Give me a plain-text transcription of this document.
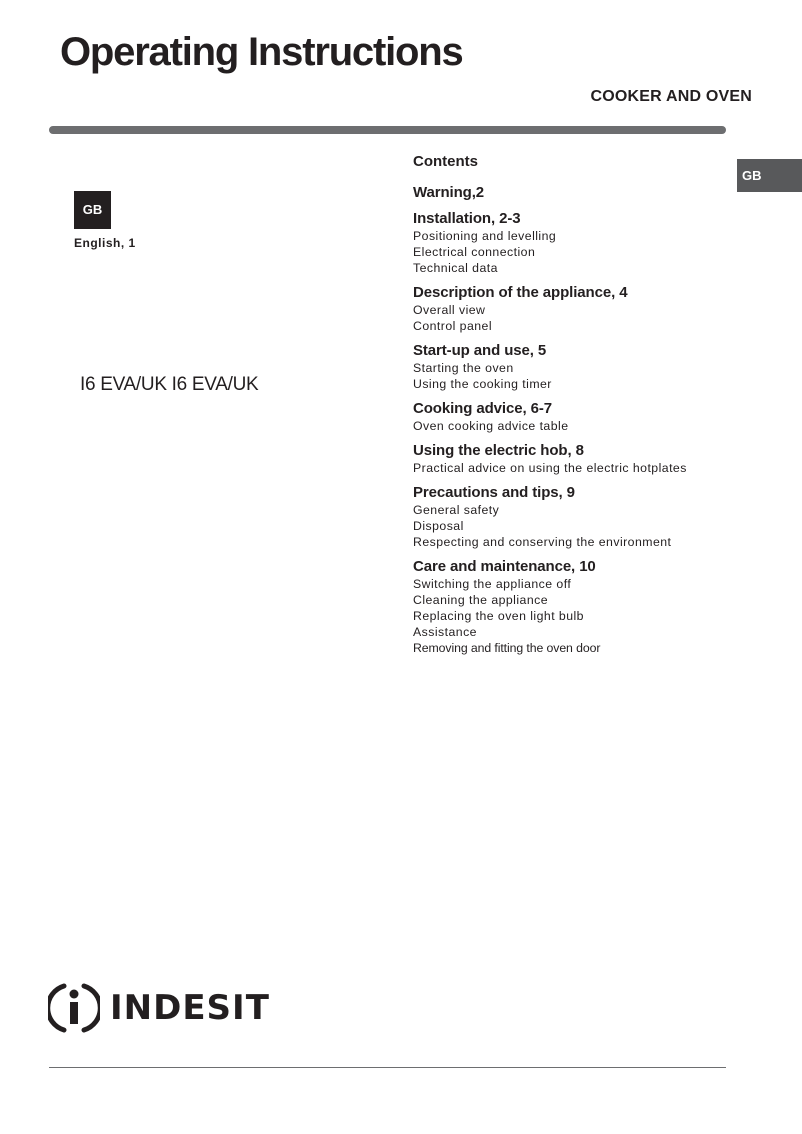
Operating Instructions
COOKER AND OVEN
GB
GB
English, 1
I6 EVA/UK I6 EVA/UK
Contents
Warning,2
Installation, 2-3
Positioning and levelling
Electrical connection
Technical data
Description of the appliance, 4
Overall view
Control panel
Start-up and use, 5
Starting the oven
Using the cooking timer
Cooking advice, 6-7
Oven cooking advice table
Using the electric hob, 8
Practical advice on using the electric hotplates
Precautions and tips, 9
General safety
Disposal
Respecting and conserving the environment
Care and maintenance, 10
Switching the appliance off
Cleaning the appliance
Replacing the oven light bulb
Assistance
Removing and fitting the oven door
INDESIT
